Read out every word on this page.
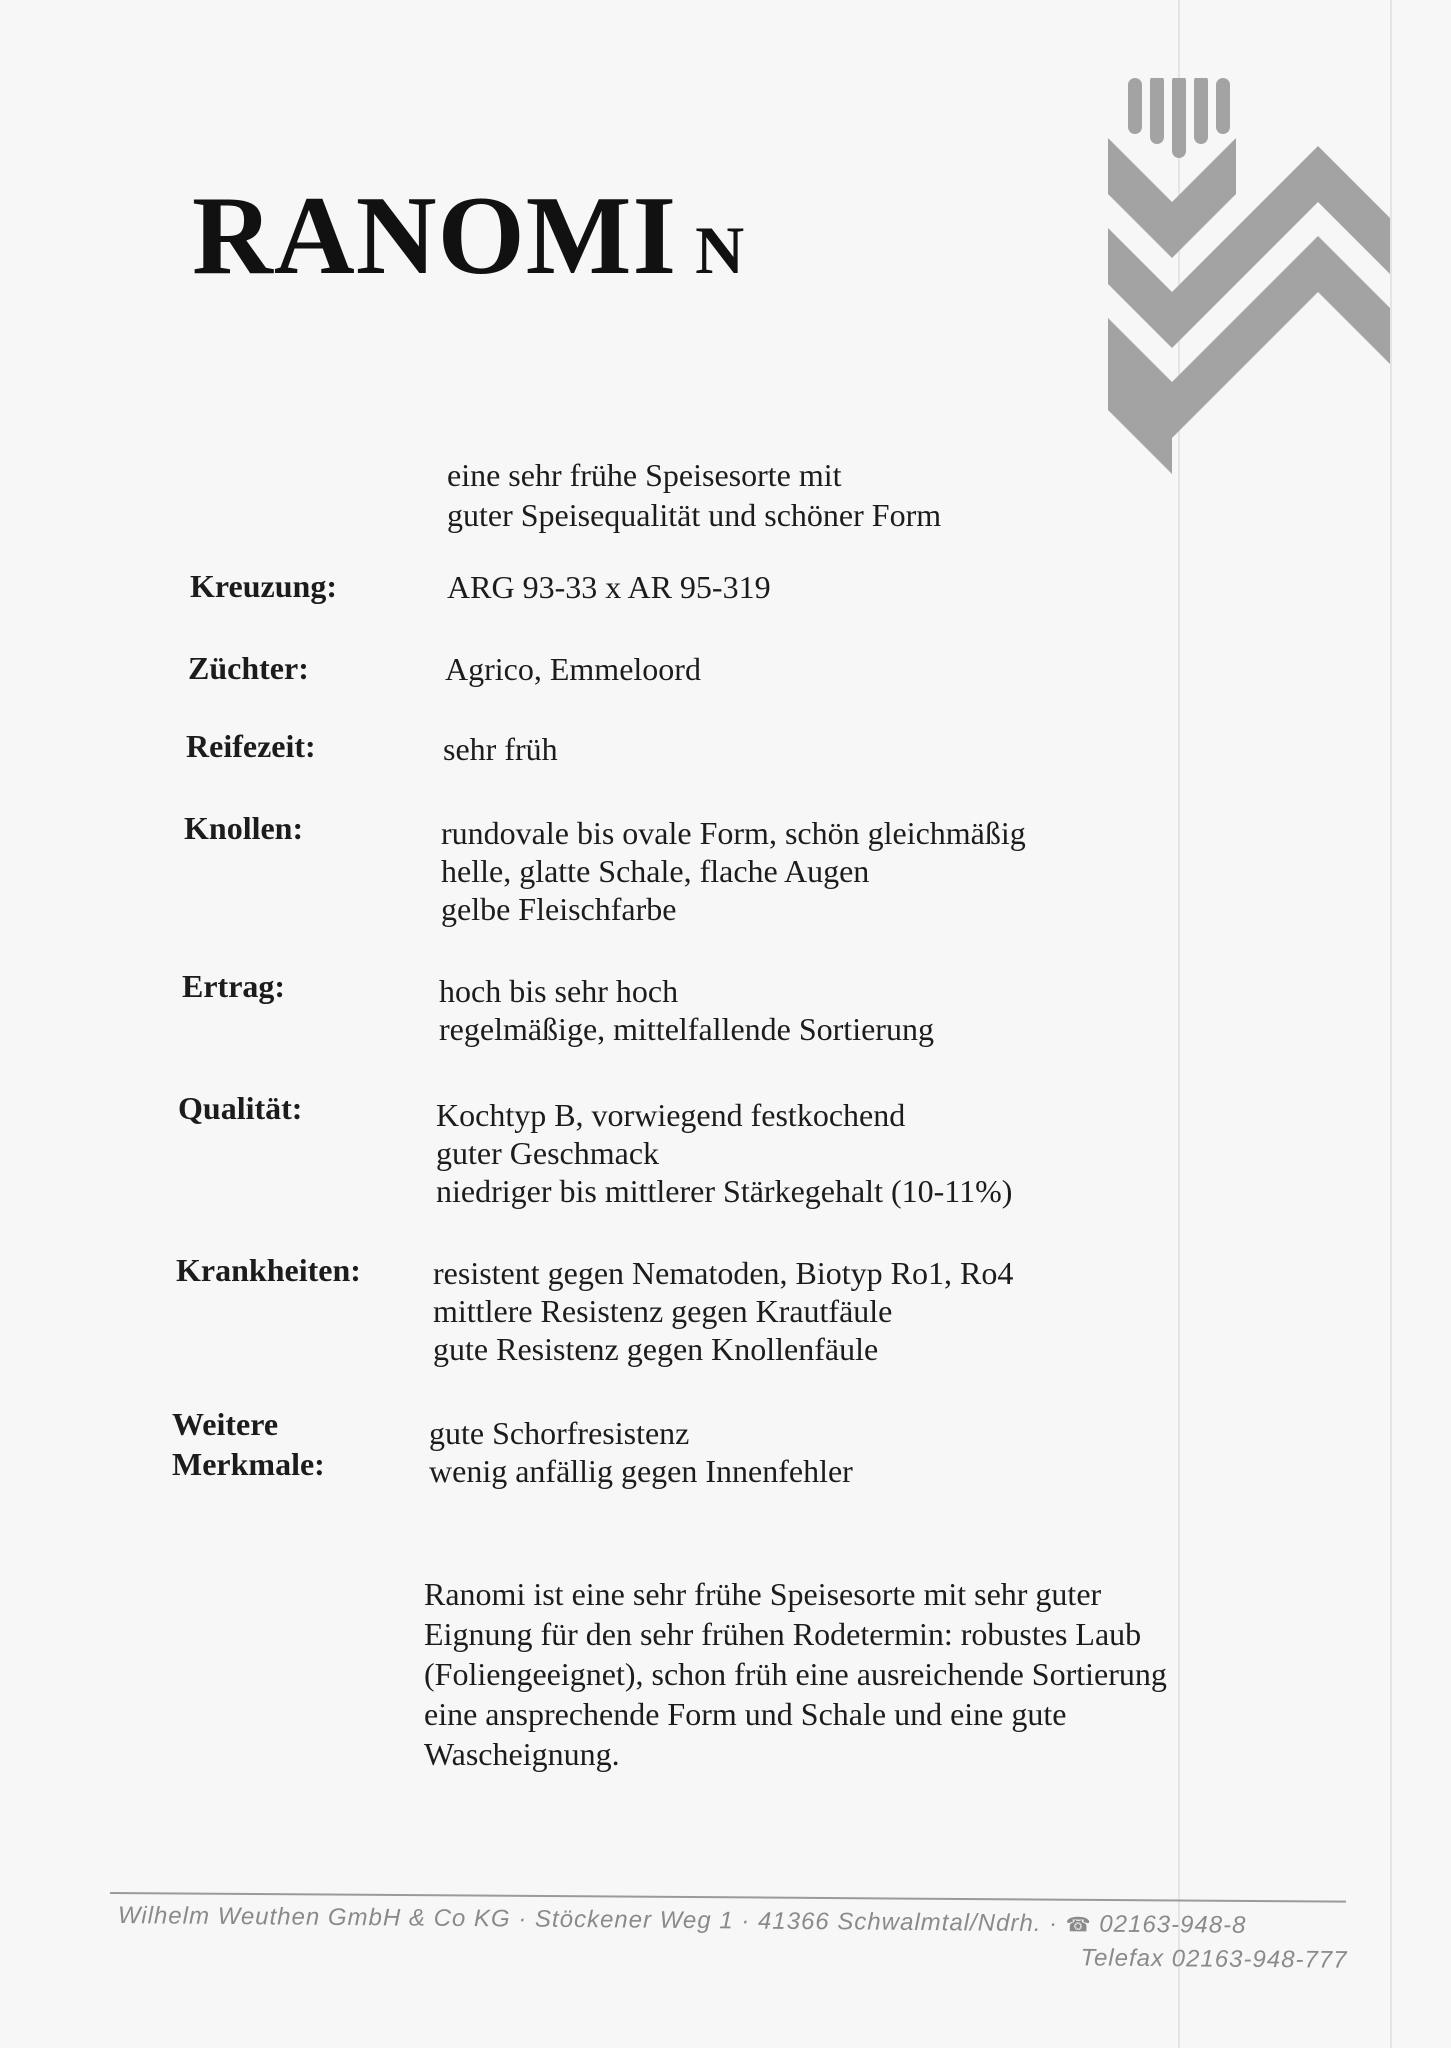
RANOMI N
eine sehr frühe Speisesorte mit
guter Speisequalität und schöner Form
Kreuzung:	ARG 93-33 x AR 95-319
Züchter:	Agrico, Emmeloord
Reifezeit:	sehr früh
Knollen:	rundovale bis ovale Form, schön gleichmäßig
helle, glatte Schale, flache Augen
gelbe Fleischfarbe
Ertrag:	hoch bis sehr hoch
regelmäßige, mittelfallende Sortierung
Qualität:	Kochtyp B, vorwiegend festkochend
guter Geschmack
niedriger bis mittlerer Stärkegehalt (10-11%)
Krankheiten: resistent gegen Nematoden, Biotyp Ro1, Ro4
mittlere Resistenz gegen Krautfäule
gute Resistenz gegen Knollenfäule
Weitere
Merkmale:
gute Schorfresistenz
wenig anfällig gegen Innenfehler
Ranomi ist eine sehr frühe Speisesorte mit sehr guter
Eignung für den sehr frühen Rodetermin: robustes Laub
(Foliengeeignet), schon früh eine ausreichende Sortierung
eine ansprechende Form und Schale und eine gute
Wascheignung.
Wilhelm Weuthen GmbH & Co KG · Stöckener Weg 1 · 41366 Schwalmtal/Ndrh. · ☎ 02163-948-8
Telefax 02163-948-777
